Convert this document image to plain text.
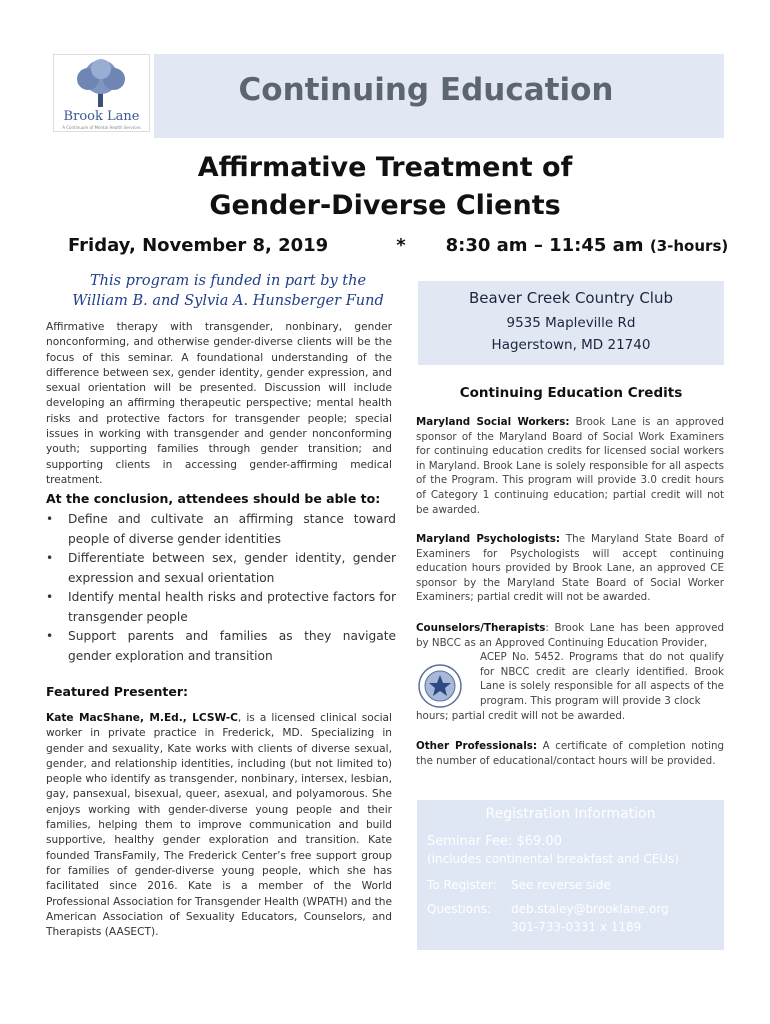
Brook Lane
A Continuum of Mental Health Services
Continuing Education
Affirmative Treatment of
Gender-Diverse Clients
Friday, November 8, 2019	* 8:30 am – 11:45 am (3-hours)
This program is funded in part by the
William B. and Sylvia A. Hunsberger Fund	Beaver Creek Country Club
9535 Mapleville Rd
Hagerstown, MD 21740
Affirmative therapy with transgender, nonbinary, gender nonconforming, and otherwise gender-diverse clients will be the focus of this seminar. A foundational understanding of the difference between sex, gender identity, gender expression, and sexual orientation will be presented. Discussion will include developing an affirming therapeutic perspective; mental health risks and protective factors for transgender people; special issues in working with transgender and gender nonconforming youth; supporting families through gender transition; and supporting clients in accessing gender-affirming medical treatment.
At the conclusion, attendees should be able to:
• Define and cultivate an affirming stance toward people of diverse gender identities
• Differentiate between sex, gender identity, gender expression and sexual orientation
• Identify mental health risks and protective factors for transgender people
• Support parents and families as they navigate gender exploration and transition
Featured Presenter:
Kate MacShane, M.Ed., LCSW-C, is a licensed clinical social worker in private practice in Frederick, MD. Specializing in gender and sexuality, Kate works with clients of diverse sexual, gender, and relationship identities, including (but not limited to) people who identify as transgender, nonbinary, intersex, lesbian, gay, pansexual, bisexual, queer, asexual, and polyamorous. She enjoys working with gender-diverse young people and their families, helping them to improve communication and build supportive, healthy gender exploration and transition. Kate founded TransFamily, The Frederick Center’s free support group for families of gender-diverse young people, which she has facilitated since 2016. Kate is a member of the World Professional Association for Transgender Health (WPATH) and the American Association of Sexuality Educators, Counselors, and Therapists (AASECT).
Continuing Education Credits
Maryland Social Workers: Brook Lane is an approved sponsor of the Maryland Board of Social Work Examiners for continuing education credits for licensed social workers in Maryland. Brook Lane is solely responsible for all aspects of the Program. This program will provide 3.0 credit hours of Category 1 continuing education; partial credit will not be awarded.
Maryland Psychologists: The Maryland State Board of Examiners for Psychologists will accept continuing education hours provided by Brook Lane, an approved CE sponsor by the Maryland State Board of Social Worker Examiners; partial credit will not be awarded.
Counselors/Therapists: Brook Lane has been approved by NBCC as an Approved Continuing Education Provider,
ACEP No. 5452. Programs that do not qualify for NBCC credit are clearly identified. Brook Lane is solely responsible for all aspects of the program. This program will provide 3 clock
hours; partial credit will not be awarded.
Other Professionals: A certificate of completion noting the number of educational/contact hours will be provided.
Registration Information
Seminar Fee: $69.00
(includes continental breakfast and CEUs)
To Register: See reverse side
Questions: deb.staley@brooklane.org
301-733-0331 x 1189
